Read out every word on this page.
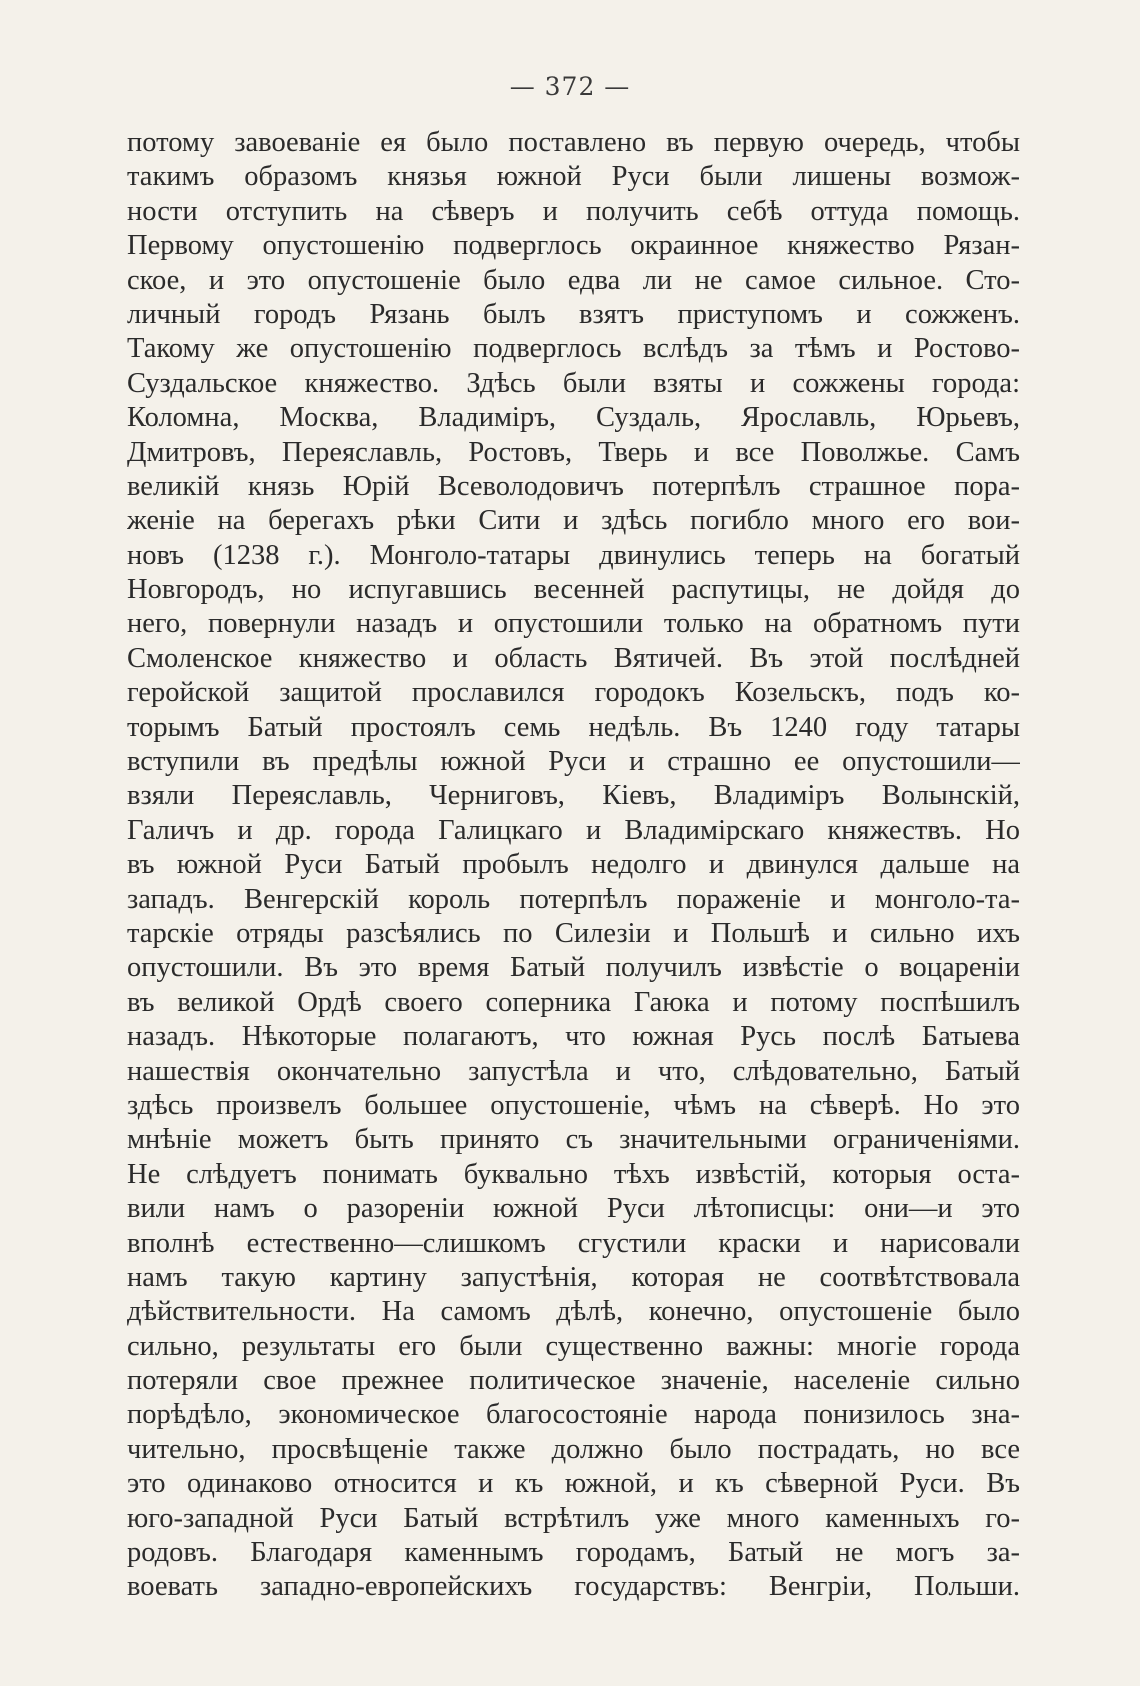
— 372 —
потому завоеваніе ея было поставлено въ первую очередь, чтобы
такимъ образомъ князья южной Руси были лишены возмож-
ности отступить на сѣверъ и получить себѣ оттуда помощь.
Первому опустошенію подверглось окраинное княжество Рязан-
ское, и это опустошеніе было едва ли не самое сильное. Сто-
личный городъ Рязань былъ взятъ приступомъ и сожженъ.
Такому же опустошенію подверглось вслѣдъ за тѣмъ и Ростово-
Суздальское княжество. Здѣсь были взяты и сожжены города:
Коломна, Москва, Владиміръ, Суздаль, Ярославль, Юрьевъ,
Дмитровъ, Переяславль, Ростовъ, Тверь и все Поволжье. Самъ
великій князь Юрій Всеволодовичъ потерпѣлъ страшное пора-
женіе на берегахъ рѣки Сити и здѣсь погибло много его вои-
новъ (1238 г.). Монголо-татары двинулись теперь на богатый
Новгородъ, но испугавшись весенней распутицы, не дойдя до
него, повернули назадъ и опустошили только на обратномъ пути
Смоленское княжество и область Вятичей. Въ этой послѣдней
геройской защитой прославился городокъ Козельскъ, подъ ко-
торымъ Батый простоялъ семь недѣль. Въ 1240 году татары
вступили въ предѣлы южной Руси и страшно ее опустошили—
взяли Переяславль, Черниговъ, Кіевъ, Владиміръ Волынскій,
Галичъ и др. города Галицкаго и Владимірскаго княжествъ. Но
въ южной Руси Батый пробылъ недолго и двинулся дальше на
западъ. Венгерскій король потерпѣлъ пораженіе и монголо-та-
тарскіе отряды разсѣялись по Силезіи и Польшѣ и сильно ихъ
опустошили. Въ это время Батый получилъ извѣстіе о воцареніи
въ великой Ордѣ своего соперника Гаюка и потому поспѣшилъ
назадъ. Нѣкоторые полагаютъ, что южная Русь послѣ Батыева
нашествія окончательно запустѣла и что, слѣдовательно, Батый
здѣсь произвелъ большее опустошеніе, чѣмъ на сѣверѣ. Но это
мнѣніе можетъ быть принято съ значительными ограниченіями.
Не слѣдуетъ понимать буквально тѣхъ извѣстій, которыя оста-
вили намъ о разореніи южной Руси лѣтописцы: они—и это
вполнѣ естественно—слишкомъ сгустили краски и нарисовали
намъ такую картину запустѣнія, которая не соотвѣтствовала
дѣйствительности. На самомъ дѣлѣ, конечно, опустошеніе было
сильно, результаты его были существенно важны: многіе города
потеряли свое прежнее политическое значеніе, населеніе сильно
порѣдѣло, экономическое благосостояніе народа понизилось зна-
чительно, просвѣщеніе также должно было пострадать, но все
это одинаково относится и къ южной, и къ сѣверной Руси. Въ
юго-западной Руси Батый встрѣтилъ уже много каменныхъ го-
родовъ. Благодаря каменнымъ городамъ, Батый не могъ за-
воевать западно-европейскихъ государствъ: Венгріи, Польши.
